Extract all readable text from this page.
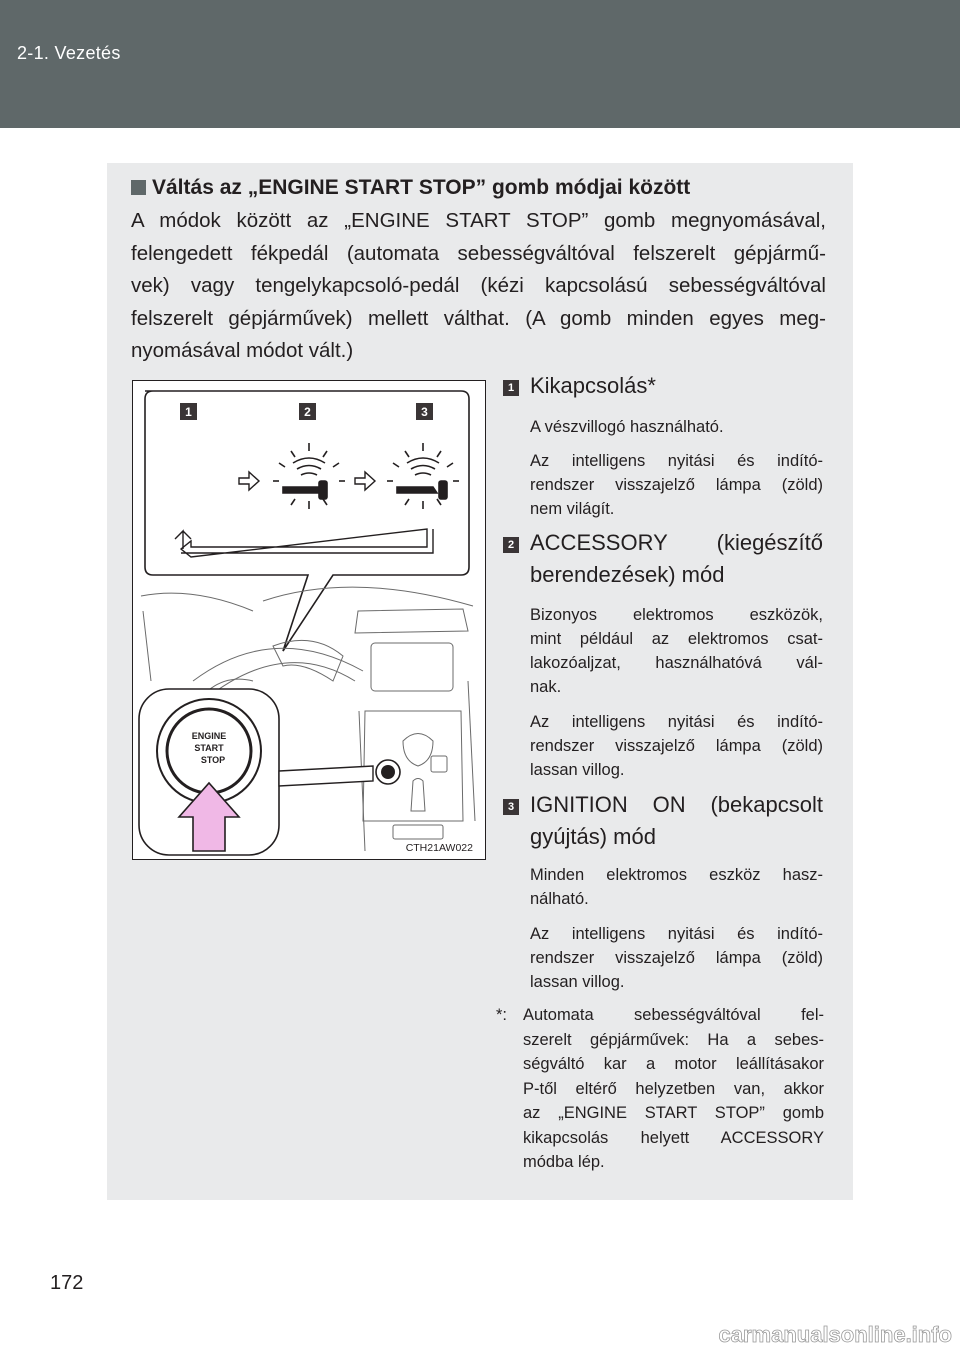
2-1. Vezetés
Váltás az „ENGINE START STOP” gomb módjai között
A módok között az „ENGINE START STOP” gomb megnyomásával,
felengedett fékpedál (automata sebességváltóval felszerelt gépjármű-
vek) vagy tengelykapcsoló-pedál (kézi kapcsolású sebességváltóval
felszerelt gépjárművek) mellett válthat. (A gomb minden egyes meg-
nyomásával módot vált.)
1	2	3
ENGINE
START
STOP
CTH21AW022
1 Kikapcsolás*
A vészvillogó használható.
Az intelligens nyitási és indító-
rendszer visszajelző lámpa (zöld)
nem világít.
2 ACCESSORY (kiegészítő
berendezések) mód
Bizonyos elektromos eszközök,
mint például az elektromos csat-
lakozóaljzat, használhatóvá vál-
nak.
Az intelligens nyitási és indító-
rendszer visszajelző lámpa (zöld)
lassan villog.
3 IGNITION ON (bekapcsolt
gyújtás) mód
Minden elektromos eszköz hasz-
nálható.
Az intelligens nyitási és indító-
rendszer visszajelző lámpa (zöld)
lassan villog.
*: Automata sebességváltóval fel-
szerelt gépjárművek: Ha a sebes-
ségváltó kar a motor leállításakor
P-től eltérő helyzetben van, akkor
az „ENGINE START STOP” gomb
kikapcsolás helyett ACCESSORY
módba lép.
172
carmanualsonline.info
